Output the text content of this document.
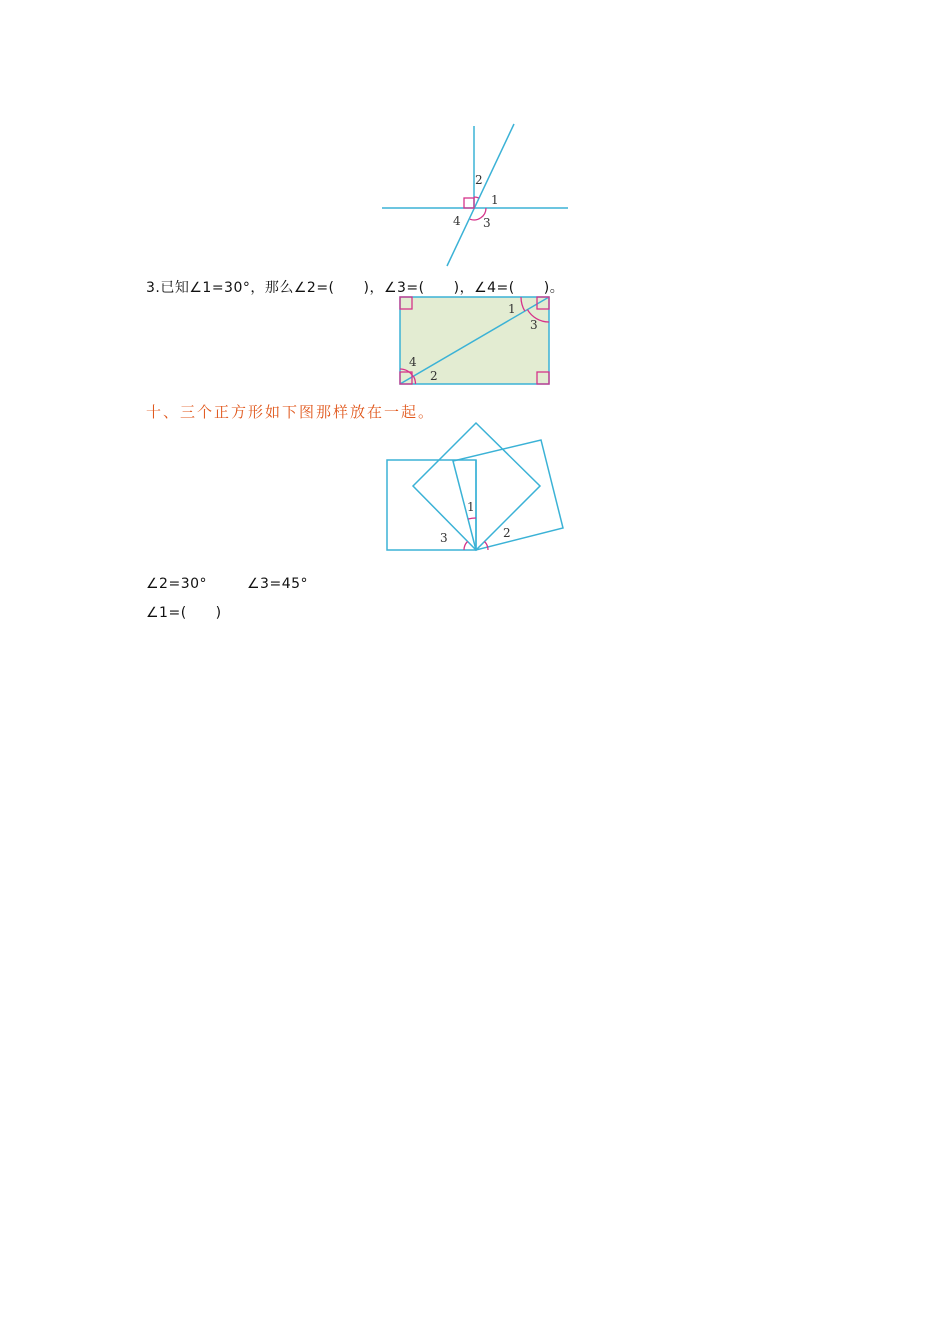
2
1
3
4
3.已知∠1=30°，那么∠2=(　　)，∠3=(　　)，∠4=(　　)。
1
3
4
2
十、三个正方形如下图那样放在一起。
1
2
3
∠2=30°	∠3=45°
∠1=(　　)
